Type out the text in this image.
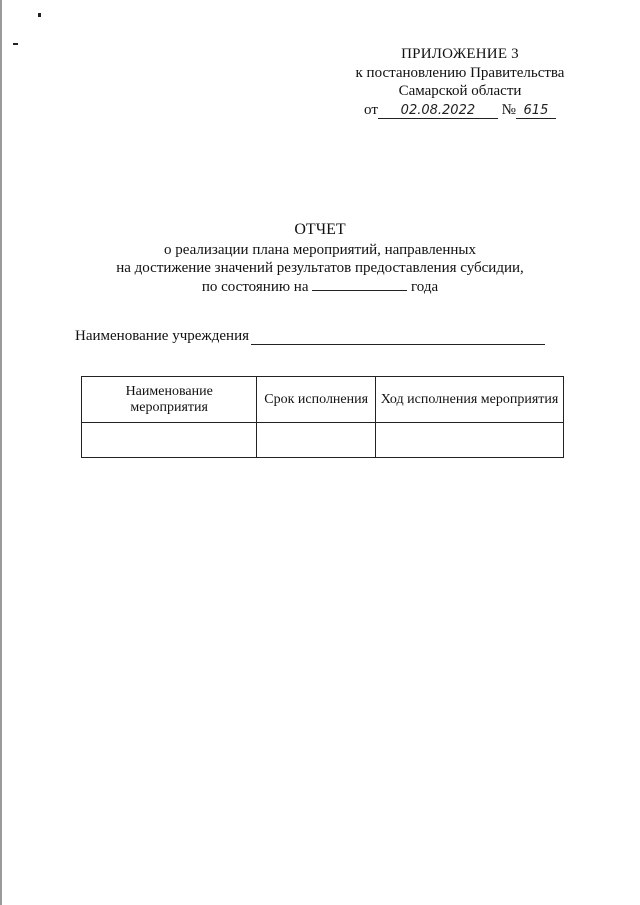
ПРИЛОЖЕНИЕ 3
к постановлению Правительства
Самарской области
от 02.08.2022 № 615
ОТЧЕТ
о реализации плана мероприятий, направленных
на достижение значений результатов предоставления субсидии,
по состоянию на	года
Наименование учреждения
Наименование мероприятия	Срок исполнения	Ход исполнения мероприятия
